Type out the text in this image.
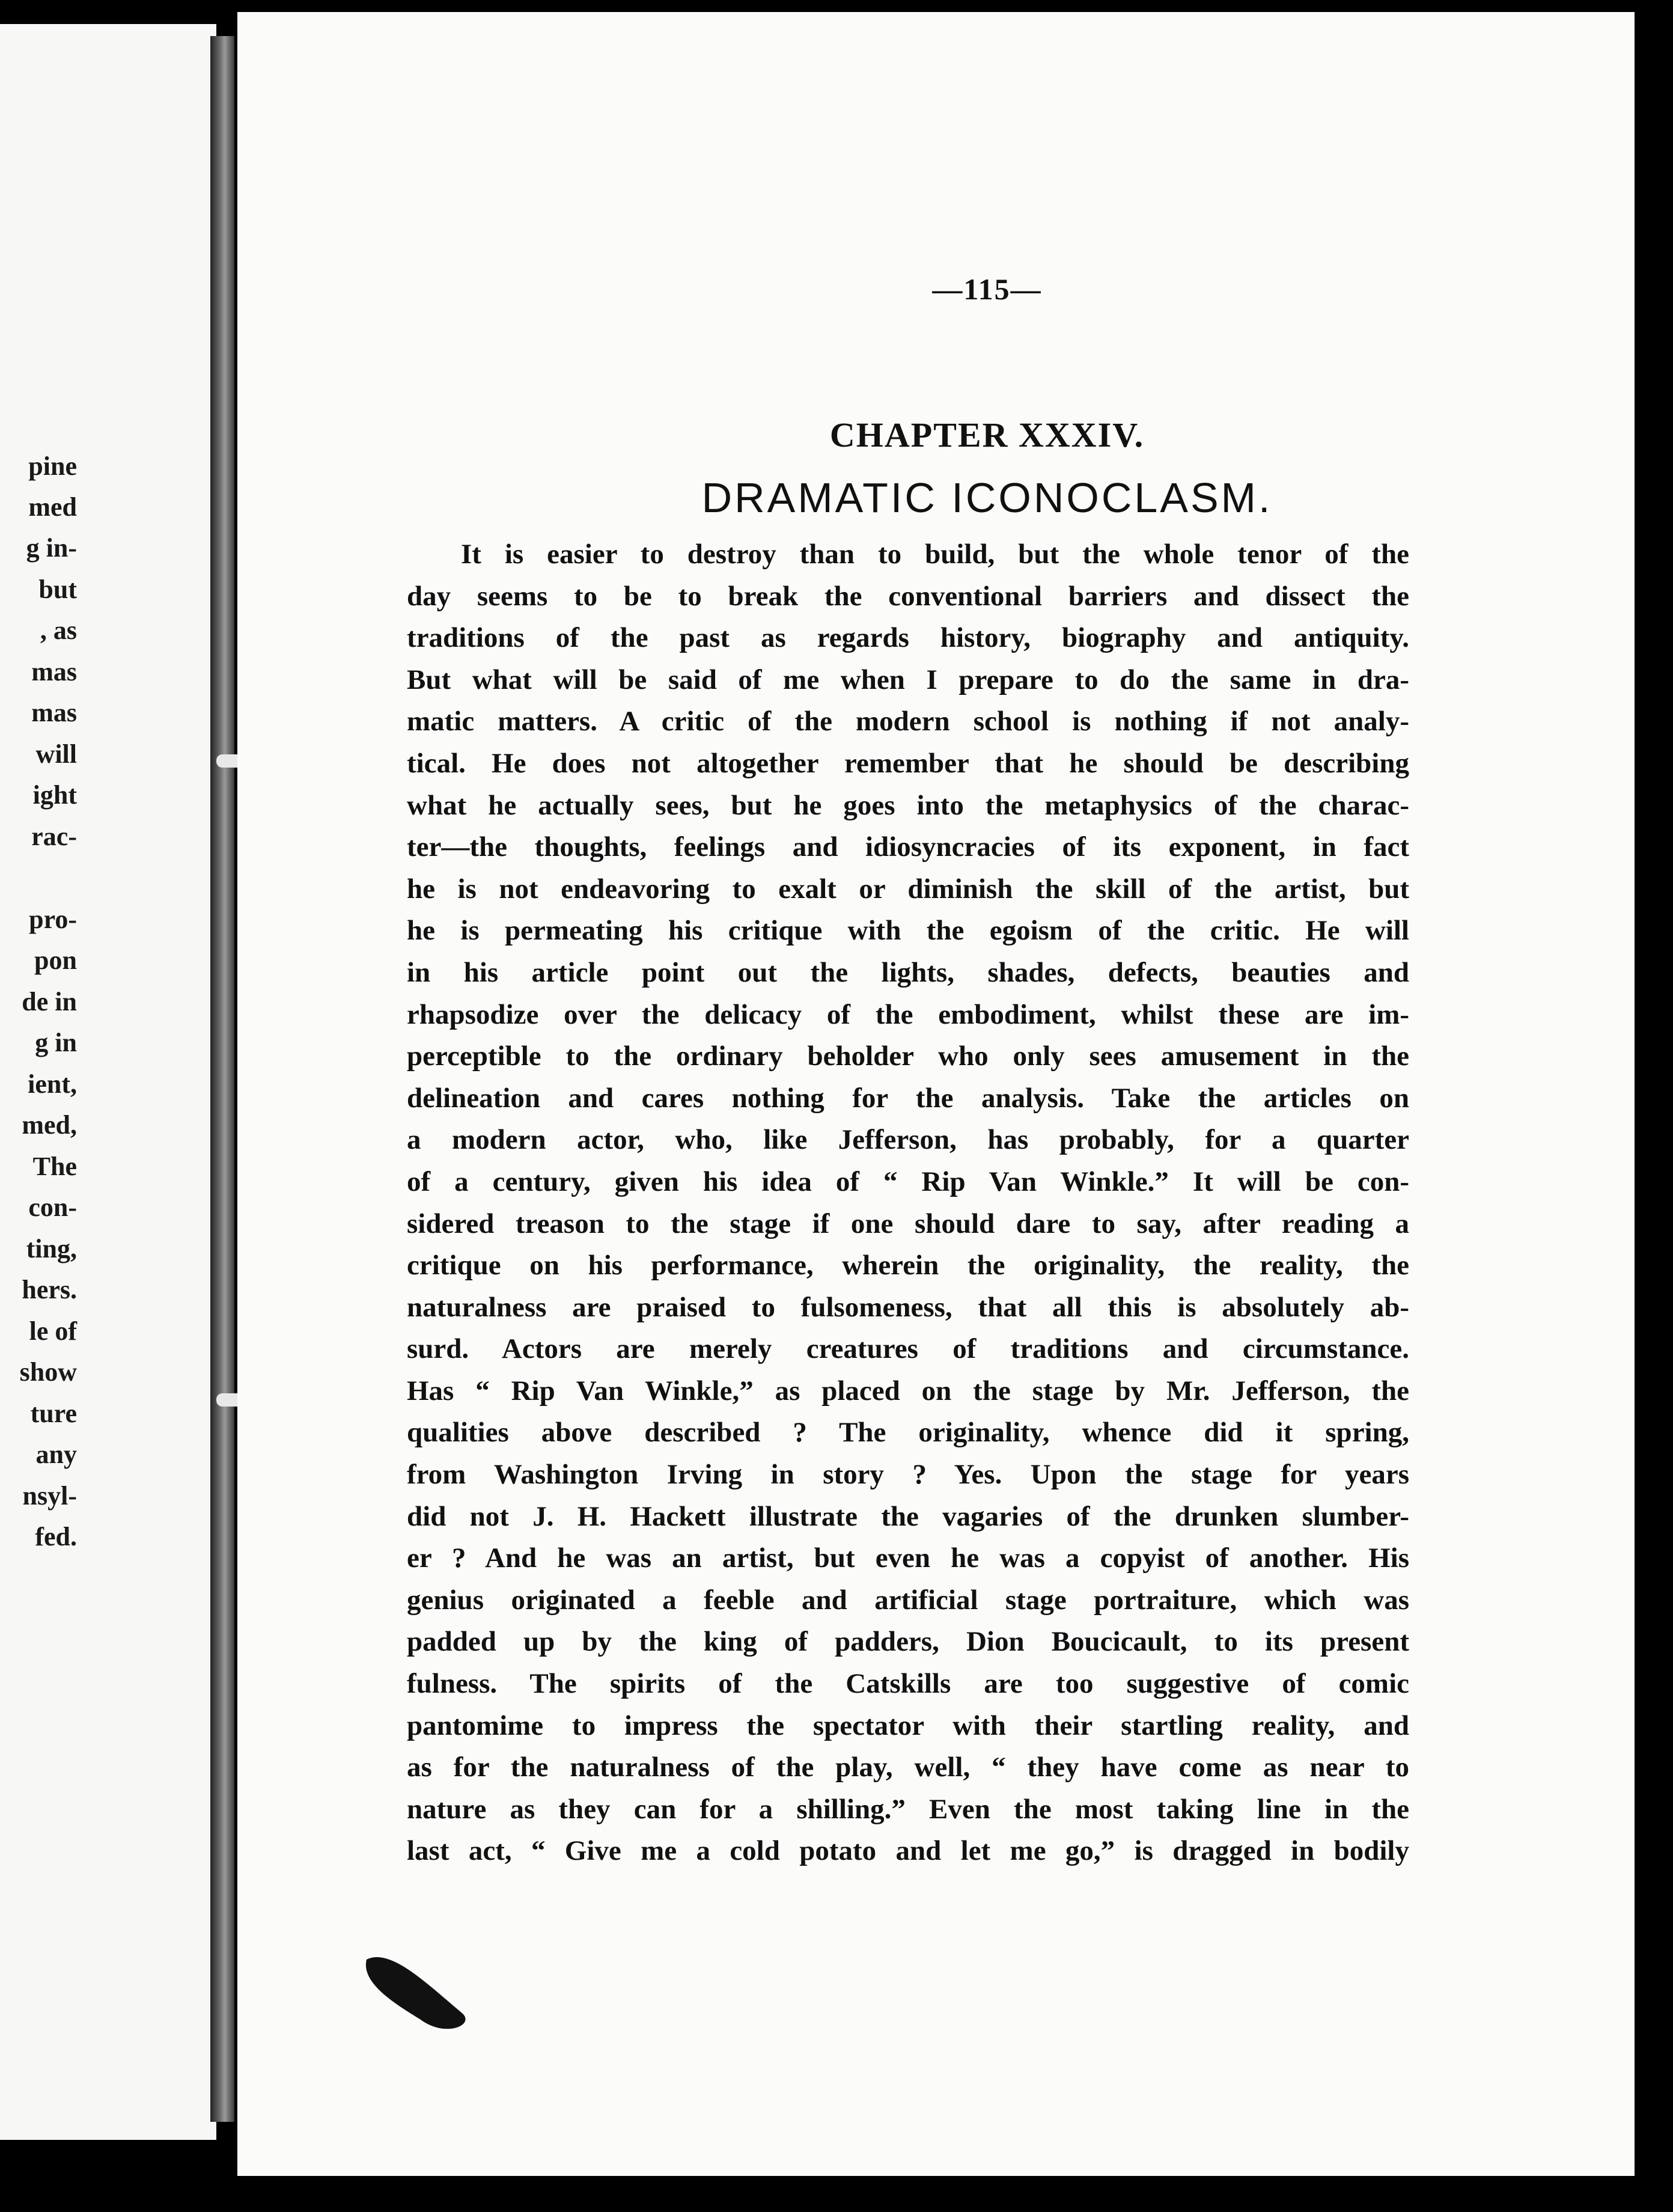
pine
med
g in-
but
, as
mas
mas
will
ight
rac-
pro-
pon
de in
g in
ient,
med,
The
con-
ting,
hers.
le of
show
ture
any
nsyl-
fed.
—115—
CHAPTER XXXIV.
DRAMATIC ICONOCLASM.
It is easier to destroy than to build, but the whole tenor of the
day seems to be to break the conventional barriers and dissect the
traditions of the past as regards history, biography and antiquity.
But what will be said of me when I prepare to do the same in dra-
matic matters. A critic of the modern school is nothing if not analy-
tical. He does not altogether remember that he should be describing
what he actually sees, but he goes into the metaphysics of the charac-
ter—the thoughts, feelings and idiosyncracies of its exponent, in fact
he is not endeavoring to exalt or diminish the skill of the artist, but
he is permeating his critique with the egoism of the critic. He will
in his article point out the lights, shades, defects, beauties and
rhapsodize over the delicacy of the embodiment, whilst these are im-
perceptible to the ordinary beholder who only sees amusement in the
delineation and cares nothing for the analysis. Take the articles on
a modern actor, who, like Jefferson, has probably, for a quarter
of a century, given his idea of “ Rip Van Winkle.” It will be con-
sidered treason to the stage if one should dare to say, after reading a
critique on his performance, wherein the originality, the reality, the
naturalness are praised to fulsomeness, that all this is absolutely ab-
surd. Actors are merely creatures of traditions and circumstance.
Has “ Rip Van Winkle,” as placed on the stage by Mr. Jefferson, the
qualities above described ? The originality, whence did it spring,
from Washington Irving in story ? Yes. Upon the stage for years
did not J. H. Hackett illustrate the vagaries of the drunken slumber-
er ? And he was an artist, but even he was a copyist of another. His
genius originated a feeble and artificial stage portraiture, which was
padded up by the king of padders, Dion Boucicault, to its present
fulness. The spirits of the Catskills are too suggestive of comic
pantomime to impress the spectator with their startling reality, and
as for the naturalness of the play, well, “ they have come as near to
nature as they can for a shilling.” Even the most taking line in the
last act, “ Give me a cold potato and let me go,” is dragged in bodily
